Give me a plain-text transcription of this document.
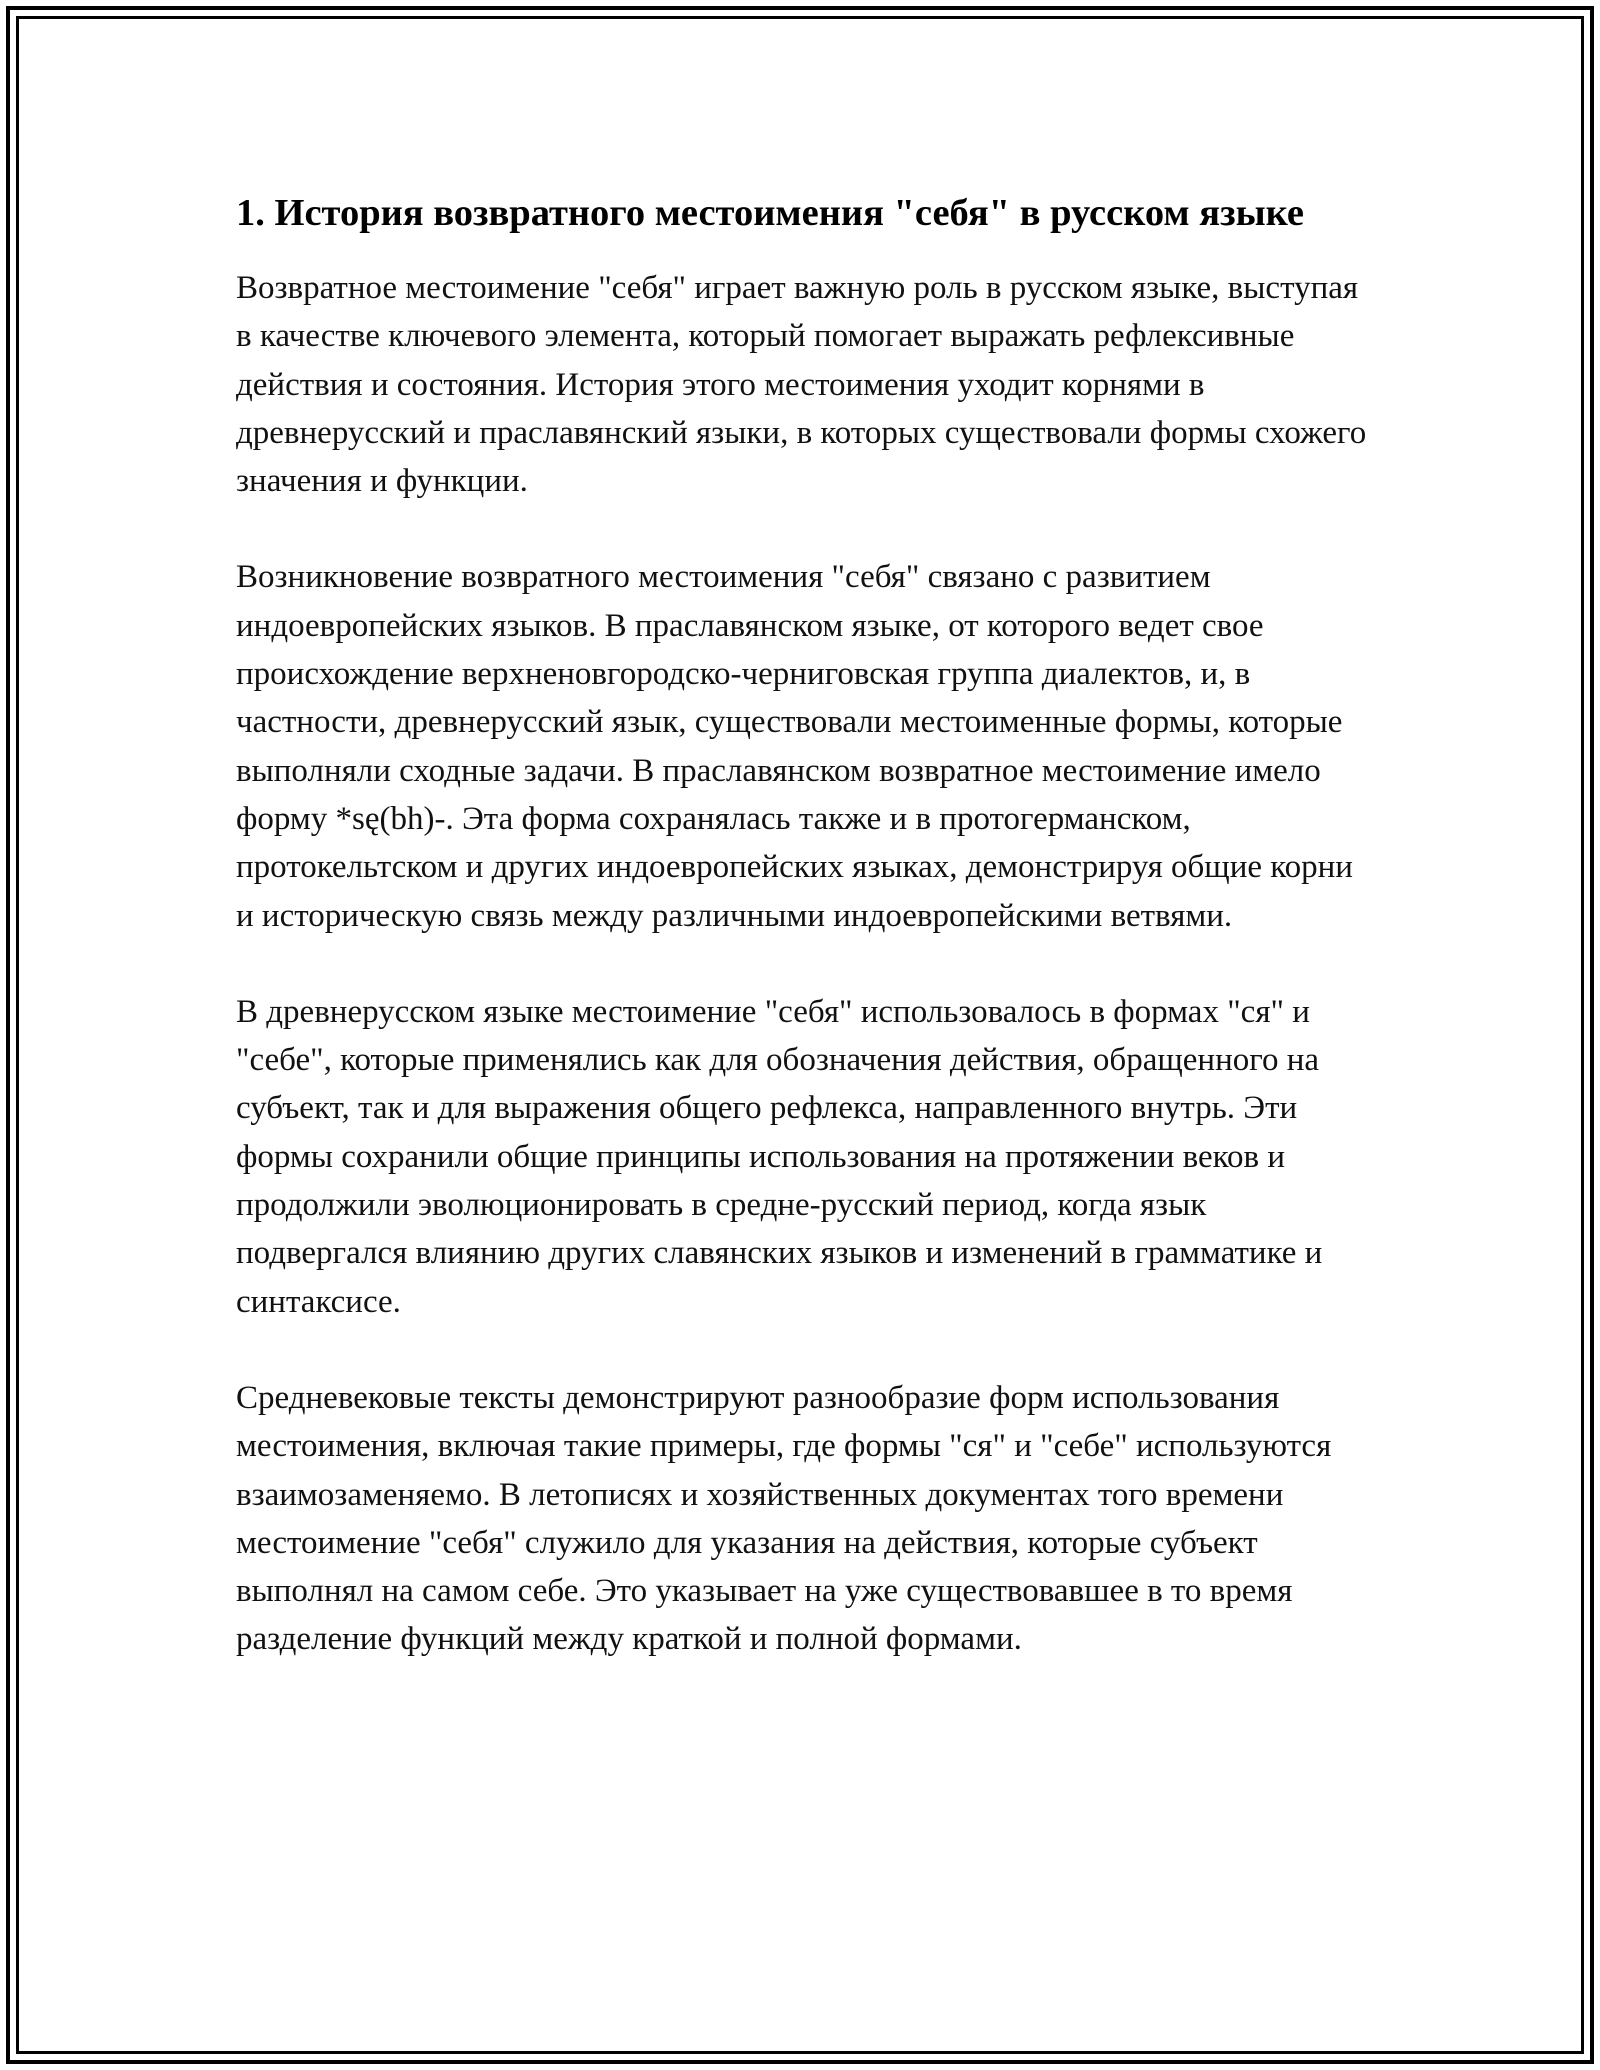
1. История возвратного местоимения "себя" в русском языке

Возвратное местоимение "себя" играет важную роль в русском языке, выступая в качестве ключевого элемента, который помогает выражать рефлексивные действия и состояния. История этого местоимения уходит корнями в древнерусский и праславянский языки, в которых существовали формы схожего значения и функции.

Возникновение возвратного местоимения "себя" связано с развитием индоевропейских языков. В праславянском языке, от которого ведет свое происхождение верхненовгородско-черниговская группа диалектов, и, в частности, древнерусский язык, существовали местоименные формы, которые выполняли сходные задачи. В праславянском возвратное местоимение имело форму *sę(bh)-. Эта форма сохранялась также и в протогерманском, протокельтском и других индоевропейских языках, демонстрируя общие корни и историческую связь между различными индоевропейскими ветвями.

В древнерусском языке местоимение "себя" использовалось в формах "ся" и "себе", которые применялись как для обозначения действия, обращенного на субъект, так и для выражения общего рефлекса, направленного внутрь. Эти формы сохранили общие принципы использования на протяжении веков и продолжили эволюционировать в средне-русский период, когда язык подвергался влиянию других славянских языков и изменений в грамматике и синтаксисе.

Средневековые тексты демонстрируют разнообразие форм использования местоимения, включая такие примеры, где формы "ся" и "себе" используются взаимозаменяемо. В летописях и хозяйственных документах того времени местоимение "себя" служило для указания на действия, которые субъект выполнял на самом себе. Это указывает на уже существовавшее в то время разделение функций между краткой и полной формами.
